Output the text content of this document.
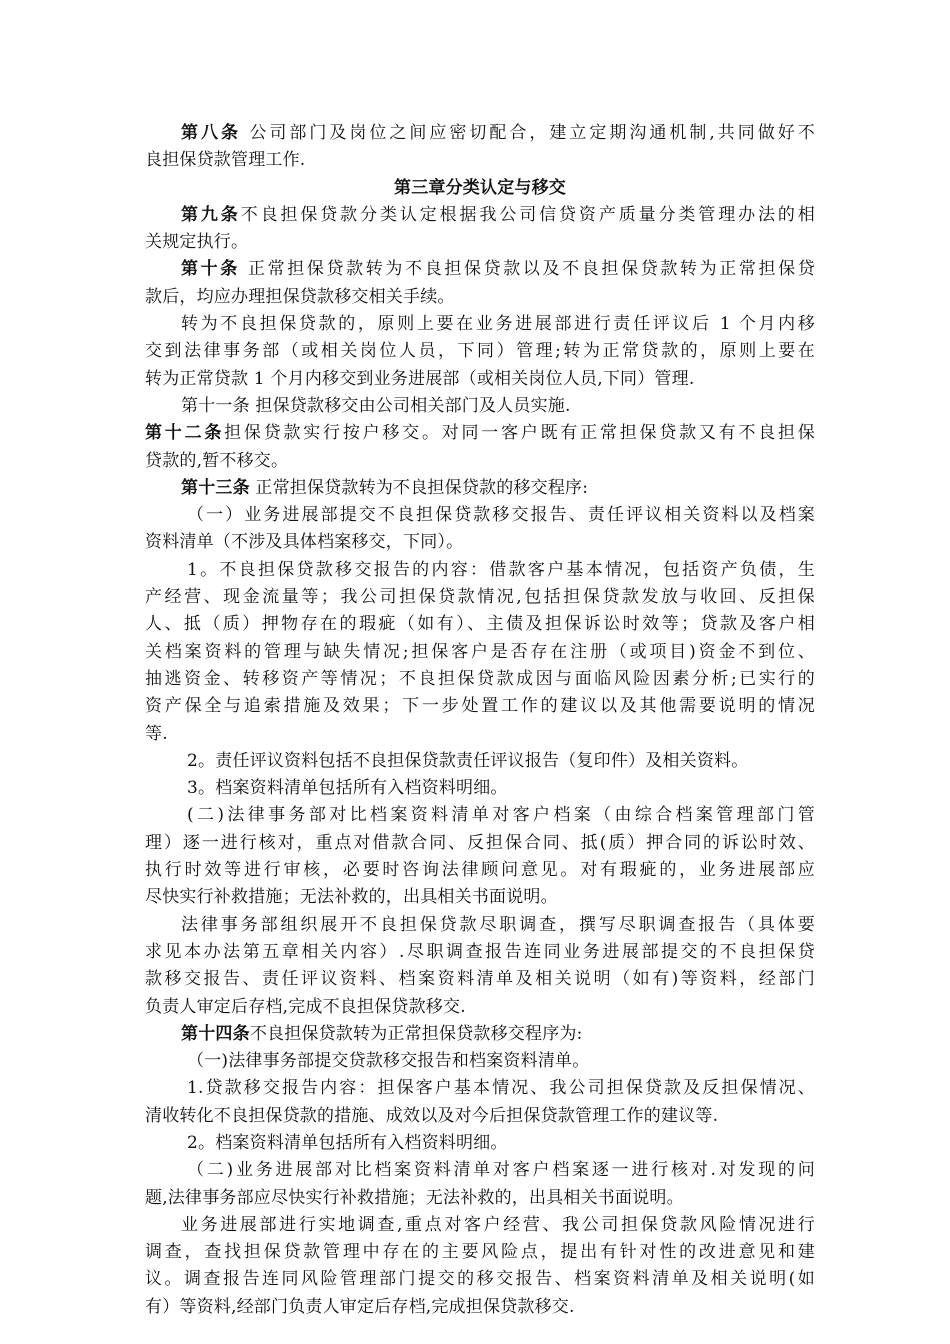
第八条 公司部门及岗位之间应密切配合，建立定期沟通机制,共同做好不
良担保贷款管理工作.
第三章分类认定与移交
第九条不良担保贷款分类认定根据我公司信贷资产质量分类管理办法的相
关规定执行。
第十条 正常担保贷款转为不良担保贷款以及不良担保贷款转为正常担保贷
款后，均应办理担保贷款移交相关手续。
转为不良担保贷款的，原则上要在业务进展部进行责任评议后 1 个月内移
交到法律事务部（或相关岗位人员，下同）管理;转为正常贷款的，原则上要在
转为正常贷款 1 个月内移交到业务进展部（或相关岗位人员,下同）管理.
第十一条 担保贷款移交由公司相关部门及人员实施.
第十二条担保贷款实行按户移交。对同一客户既有正常担保贷款又有不良担保
贷款的,暂不移交。
第十三条 正常担保贷款转为不良担保贷款的移交程序:
（一）业务进展部提交不良担保贷款移交报告、责任评议相关资料以及档案
资料清单（不涉及具体档案移交，下同）。
1。不良担保贷款移交报告的内容：借款客户基本情况，包括资产负债，生
产经营、现金流量等；我公司担保贷款情况,包括担保贷款发放与收回、反担保
人、抵（质）押物存在的瑕疵（如有）、主债及担保诉讼时效等；贷款及客户相
关档案资料的管理与缺失情况;担保客户是否存在注册（或项目)资金不到位、
抽逃资金、转移资产等情况；不良担保贷款成因与面临风险因素分析;已实行的
资产保全与追索措施及效果；下一步处置工作的建议以及其他需要说明的情况
等.
2。责任评议资料包括不良担保贷款责任评议报告（复印件）及相关资料。
3。档案资料清单包括所有入档资料明细。
(二)法律事务部对比档案资料清单对客户档案（由综合档案管理部门管
理）逐一进行核对，重点对借款合同、反担保合同、抵(质）押合同的诉讼时效、
执行时效等进行审核，必要时咨询法律顾问意见。对有瑕疵的，业务进展部应
尽快实行补救措施；无法补救的，出具相关书面说明。
法律事务部组织展开不良担保贷款尽职调查，撰写尽职调查报告（具体要
求见本办法第五章相关内容）.尽职调查报告连同业务进展部提交的不良担保贷
款移交报告、责任评议资料、档案资料清单及相关说明（如有)等资料，经部门
负责人审定后存档,完成不良担保贷款移交.
第十四条不良担保贷款转为正常担保贷款移交程序为:
（一)法律事务部提交贷款移交报告和档案资料清单。
1.贷款移交报告内容：担保客户基本情况、我公司担保贷款及反担保情况、
清收转化不良担保贷款的措施、成效以及对今后担保贷款管理工作的建议等.
2。档案资料清单包括所有入档资料明细。
（二)业务进展部对比档案资料清单对客户档案逐一进行核对.对发现的问
题,法律事务部应尽快实行补救措施；无法补救的，出具相关书面说明。
业务进展部进行实地调查,重点对客户经营、我公司担保贷款风险情况进行
调查，查找担保贷款管理中存在的主要风险点，提出有针对性的改进意见和建
议。调查报告连同风险管理部门提交的移交报告、档案资料清单及相关说明(如
有）等资料,经部门负责人审定后存档,完成担保贷款移交.
